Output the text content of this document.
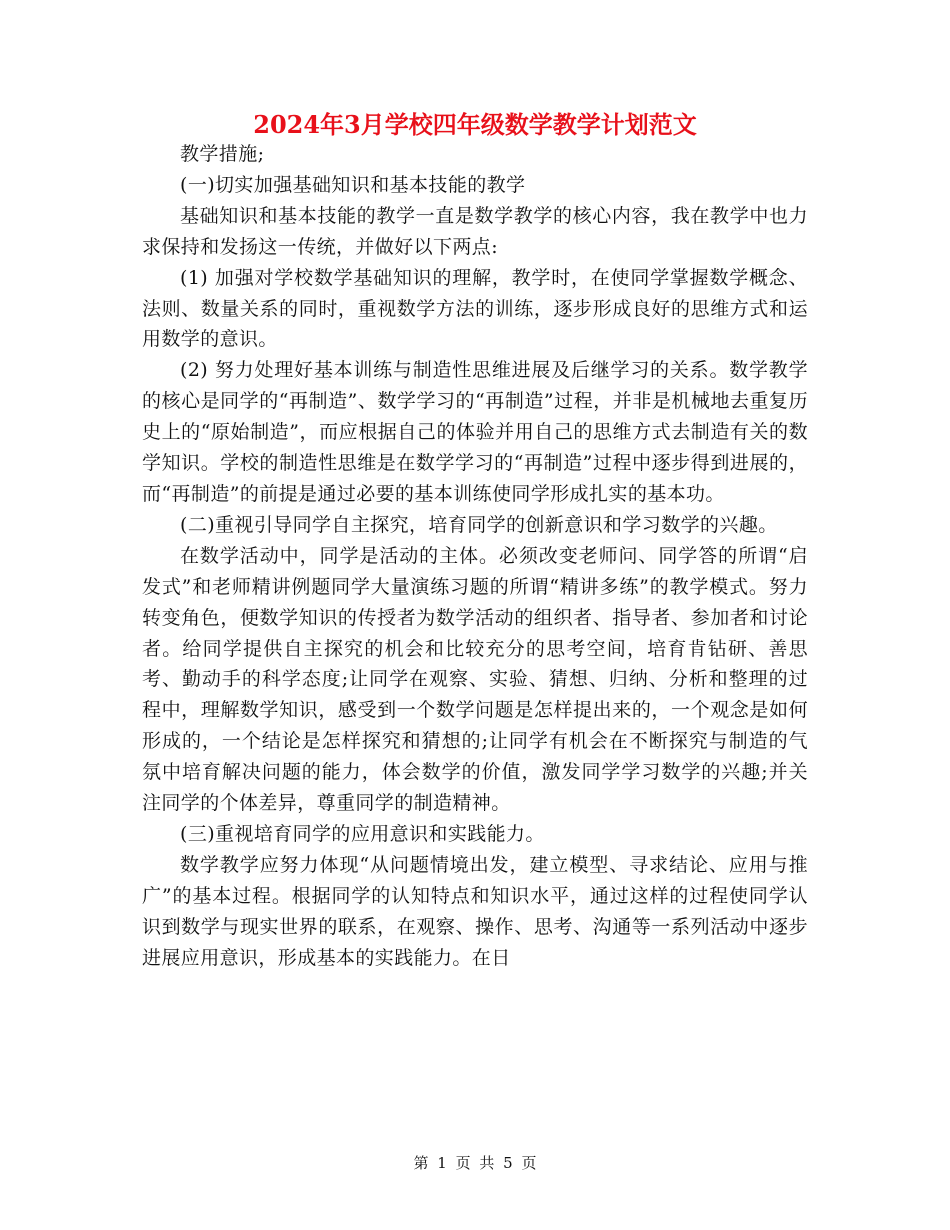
2024年3月学校四年级数学教学计划范文

教学措施;

(一)切实加强基础知识和基本技能的教学

基础知识和基本技能的教学一直是数学教学的核心内容，我在教学中也力求保持和发扬这一传统，并做好以下两点:

(1) 加强对学校数学基础知识的理解，教学时，在使同学掌握数学概念、法则、数量关系的同时，重视数学方法的训练，逐步形成良好的思维方式和运用数学的意识。

(2) 努力处理好基本训练与制造性思维进展及后继学习的关系。数学教学的核心是同学的“再制造”、数学学习的“再制造”过程，并非是机械地去重复历史上的“原始制造”，而应根据自己的体验并用自己的思维方式去制造有关的数学知识。学校的制造性思维是在数学学习的“再制造”过程中逐步得到进展的，而“再制造”的前提是通过必要的基本训练使同学形成扎实的基本功。

(二)重视引导同学自主探究，培育同学的创新意识和学习数学的兴趣。

在数学活动中，同学是活动的主体。必须改变老师问、同学答的所谓“启发式”和老师精讲例题同学大量演练习题的所谓“精讲多练”的教学模式。努力转变角色，便数学知识的传授者为数学活动的组织者、指导者、参加者和讨论者。给同学提供自主探究的机会和比较充分的思考空间，培育肯钻研、善思考、勤动手的科学态度;让同学在观察、实验、猜想、归纳、分析和整理的过程中，理解数学知识，感受到一个数学问题是怎样提出来的，一个观念是如何形成的，一个结论是怎样探究和猜想的;让同学有机会在不断探究与制造的气氛中培育解决问题的能力，体会数学的价值，激发同学学习数学的兴趣;并关注同学的个体差异，尊重同学的制造精神。

(三)重视培育同学的应用意识和实践能力。

数学教学应努力体现“从问题情境出发，建立模型、寻求结论、应用与推广”的基本过程。根据同学的认知特点和知识水平，通过这样的过程使同学认识到数学与现实世界的联系，在观察、操作、思考、沟通等一系列活动中逐步进展应用意识，形成基本的实践能力。在日

第 1 页 共 5 页
